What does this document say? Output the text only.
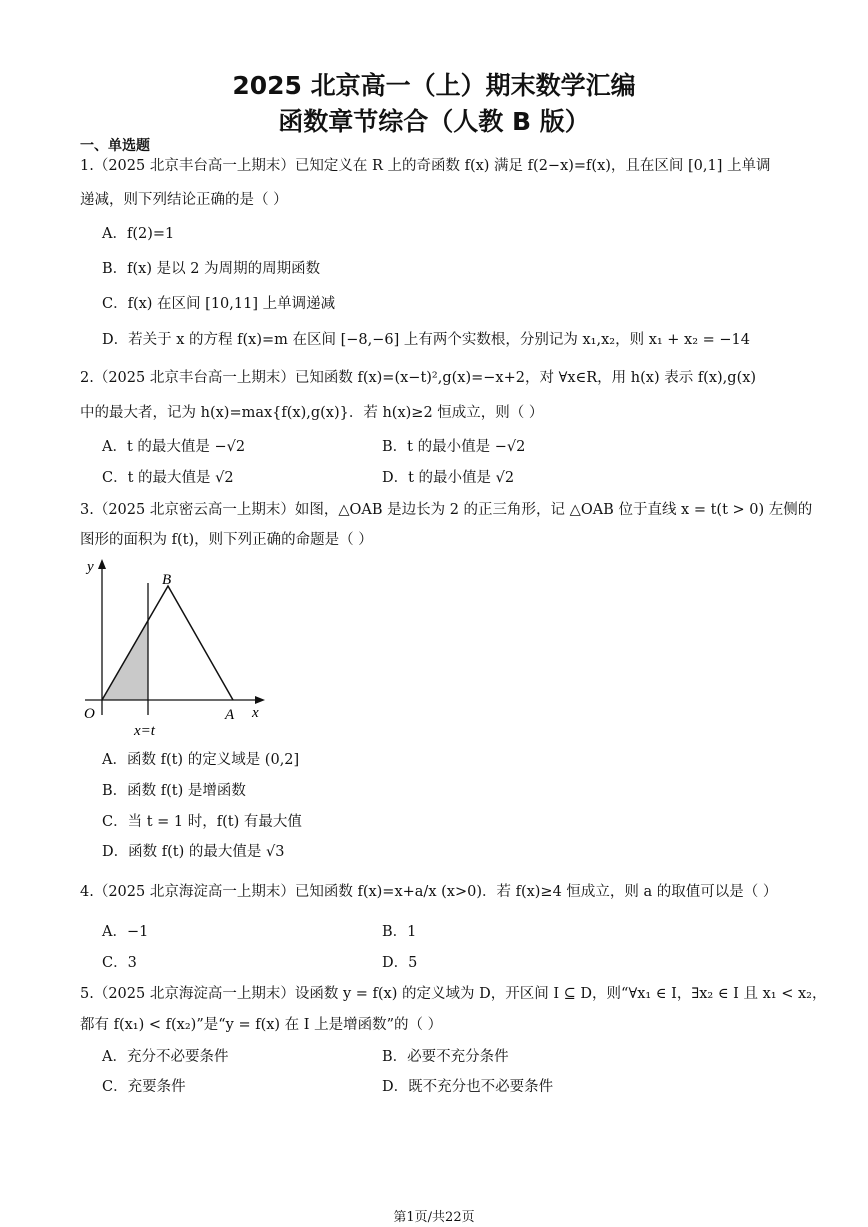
2025 北京高一（上）期末数学汇编
函数章节综合（人教 B 版）
一、单选题
1.（2025 北京丰台高一上期末）已知定义在 R 上的奇函数 f(x) 满足 f(2−x)=f(x)，且在区间 [0,1] 上单调
递减，则下列结论正确的是（ ）
A．f(2)=1
B．f(x) 是以 2 为周期的周期函数
C．f(x) 在区间 [10,11] 上单调递减
D．若关于 x 的方程 f(x)=m 在区间 [−8,−6] 上有两个实数根，分别记为 x₁,x₂，则 x₁ + x₂ = −14
2.（2025 北京丰台高一上期末）已知函数 f(x)=(x−t)²,g(x)=−x+2，对 ∀x∈R，用 h(x) 表示 f(x),g(x)
中的最大者，记为 h(x)=max{f(x),g(x)}．若 h(x)≥2 恒成立，则（ ）
A．t 的最大值是 −√2	B．t 的最小值是 −√2
C．t 的最大值是 √2	D．t 的最小值是 √2
3.（2025 北京密云高一上期末）如图，△OAB 是边长为 2 的正三角形，记 △OAB 位于直线 x = t(t > 0) 左侧的
图形的面积为 f(t)，则下列正确的命题是（ ）
y
x
O	A
B
x=t
A．函数 f(t) 的定义域是 (0,2]
B．函数 f(t) 是增函数
C．当 t = 1 时，f(t) 有最大值
D．函数 f(t) 的最大值是 √3
4.（2025 北京海淀高一上期末）已知函数 f(x)=x+a/x (x>0)．若 f(x)≥4 恒成立，则 a 的取值可以是（ ）
A．−1	B．1
C．3	D．5
5.（2025 北京海淀高一上期末）设函数 y = f(x) 的定义域为 D，开区间 I ⊆ D，则“∀x₁ ∈ I，∃x₂ ∈ I 且 x₁ < x₂，
都有 f(x₁) < f(x₂)”是“y = f(x) 在 I 上是增函数”的（ ）
A．充分不必要条件	B．必要不充分条件
C．充要条件	D．既不充分也不必要条件
第1页/共22页
